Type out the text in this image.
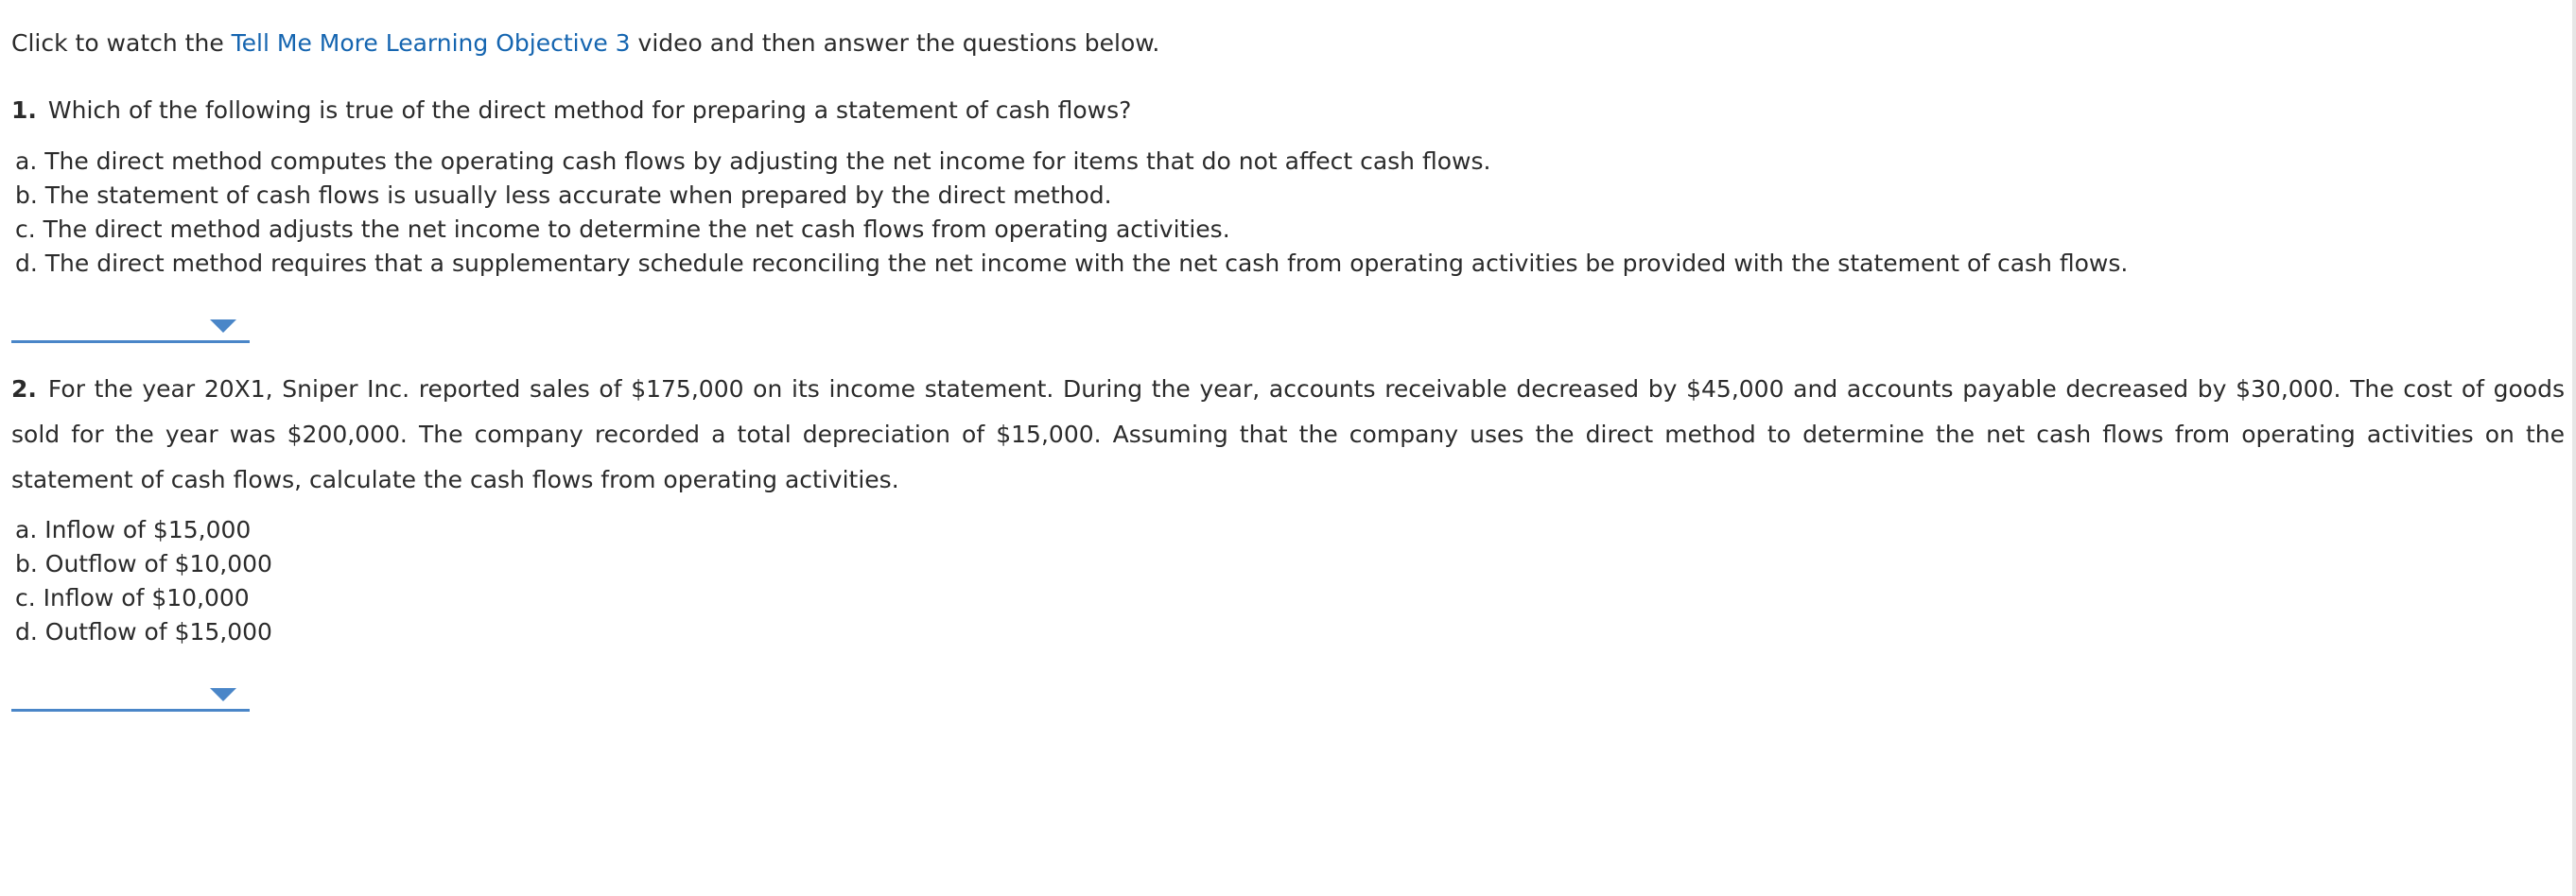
Click to watch the Tell Me More Learning Objective 3 video and then answer the questions below.
1. Which of the following is true of the direct method for preparing a statement of cash flows?
a. The direct method computes the operating cash flows by adjusting the net income for items that do not affect cash flows.
b. The statement of cash flows is usually less accurate when prepared by the direct method.
c. The direct method adjusts the net income to determine the net cash flows from operating activities.
d. The direct method requires that a supplementary schedule reconciling the net income with the net cash from operating activities be provided with the statement of cash flows.
2. For the year 20X1, Sniper Inc. reported sales of $175,000 on its income statement. During the year, accounts receivable decreased by $45,000 and accounts payable decreased by $30,000. The cost of goods sold for the year was $200,000. The company recorded a total depreciation of $15,000. Assuming that the company uses the direct method to determine the net cash flows from operating activities on the statement of cash flows, calculate the cash flows from operating activities.
a. Inflow of $15,000
b. Outflow of $10,000
c. Inflow of $10,000
d. Outflow of $15,000
